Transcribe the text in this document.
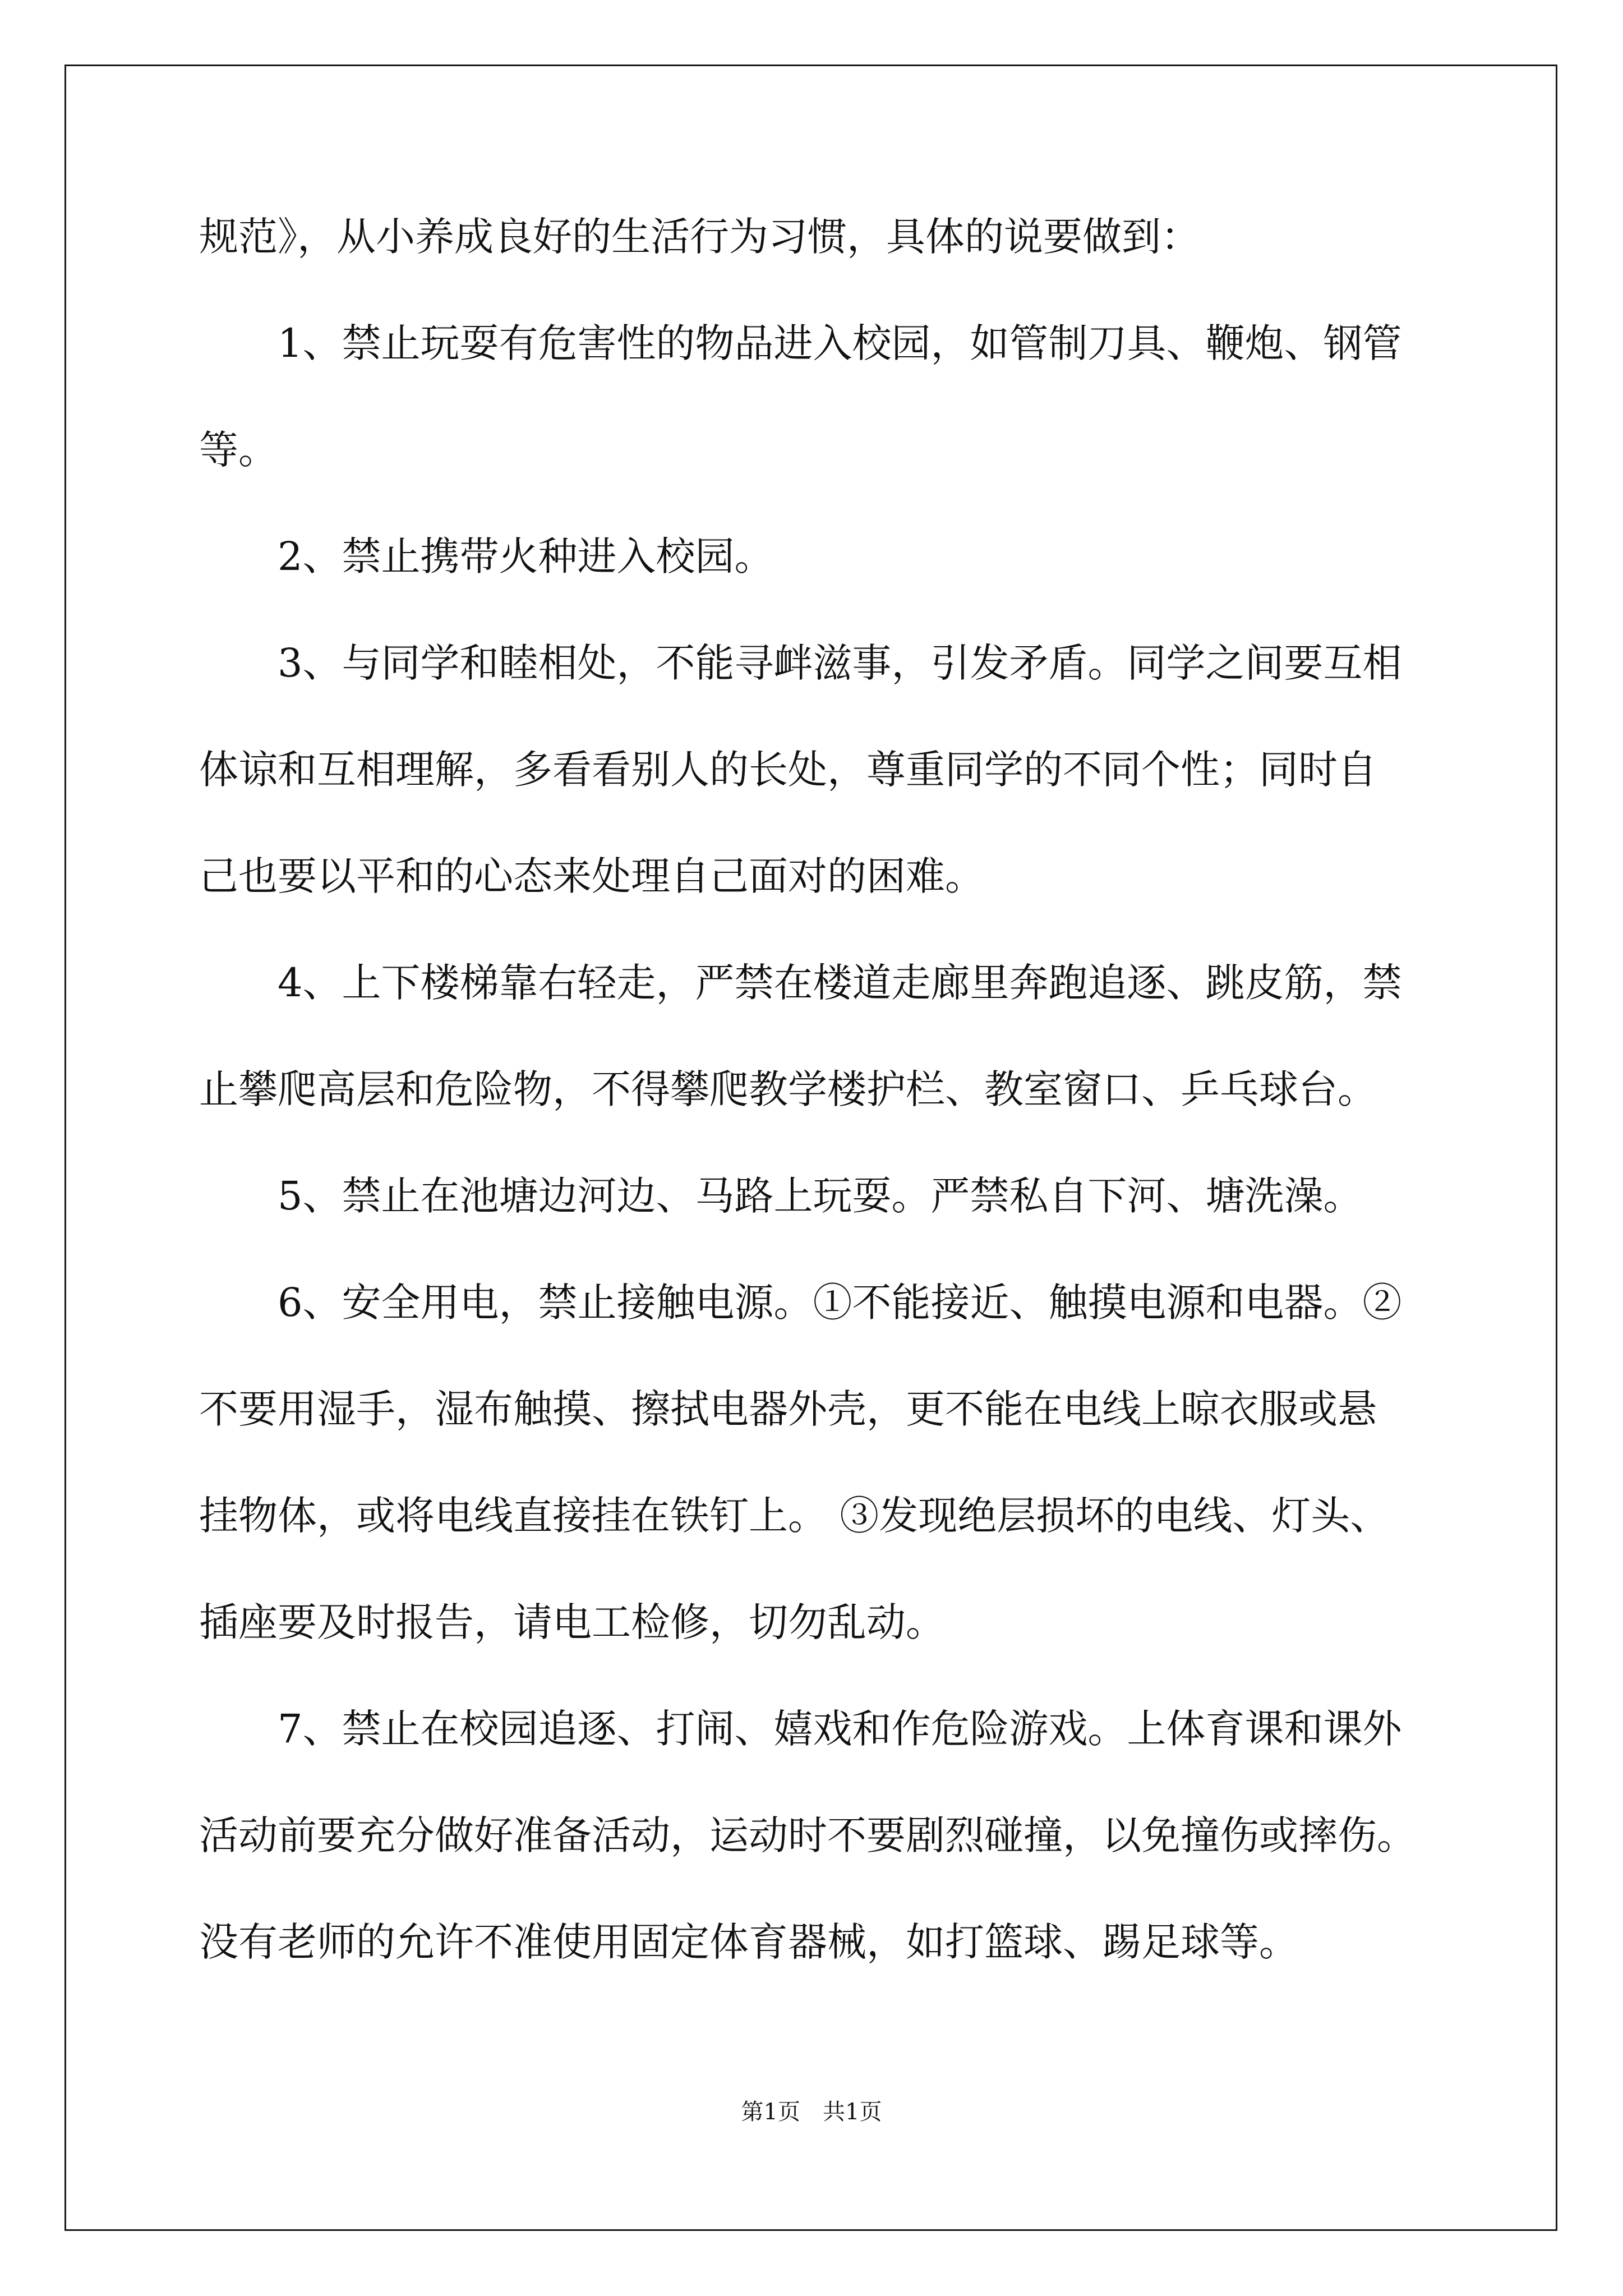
规范》，从小养成良好的生活行为习惯，具体的说要做到：
1、禁止玩耍有危害性的物品进入校园，如管制刀具、鞭炮、钢管
等。
2、禁止携带火种进入校园。
3、与同学和睦相处，不能寻衅滋事，引发矛盾。同学之间要互相
体谅和互相理解，多看看别人的长处，尊重同学的不同个性；同时自
己也要以平和的心态来处理自己面对的困难。
4、上下楼梯靠右轻走，严禁在楼道走廊里奔跑追逐、跳皮筋，禁
止攀爬高层和危险物，不得攀爬教学楼护栏、教室窗口、乒乓球台。
5、禁止在池塘边河边、马路上玩耍。严禁私自下河、塘洗澡。
6、安全用电，禁止接触电源。①不能接近、触摸电源和电器。②
不要用湿手，湿布触摸、擦拭电器外壳，更不能在电线上晾衣服或悬
挂物体，或将电线直接挂在铁钉上。 ③发现绝层损坏的电线、灯头、
插座要及时报告，请电工检修，切勿乱动。
7、禁止在校园追逐、打闹、嬉戏和作危险游戏。上体育课和课外
活动前要充分做好准备活动，运动时不要剧烈碰撞，以免撞伤或摔伤。
没有老师的允许不准使用固定体育器械，如打篮球、踢足球等。
第1页　共1页
